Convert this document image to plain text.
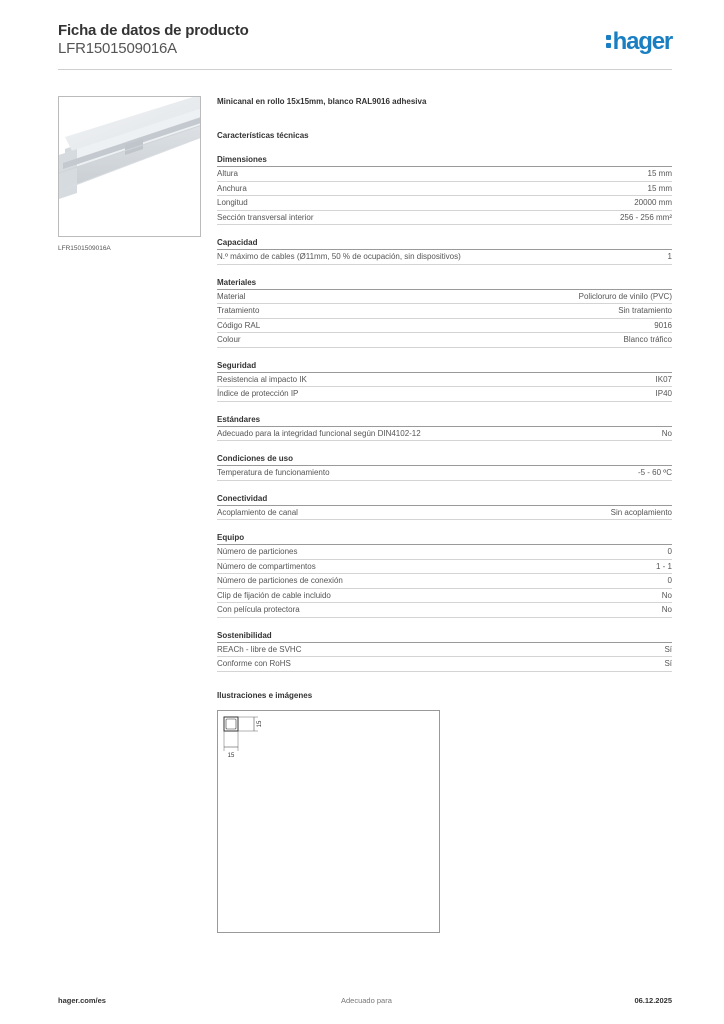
Ficha de datos de producto
LFR1501509016A	hager
LFR1501509016A
Minicanal en rollo 15x15mm, blanco RAL9016 adhesiva
Características técnicas
Dimensiones
Altura	15 mm
Anchura	15 mm
Longitud	20000 mm
Sección transversal interior	256 - 256 mm²
Capacidad
N.º máximo de cables (Ø11mm, 50 % de ocupación, sin dispositivos)	1
Materiales
Material	Policloruro de vinilo (PVC)
Tratamiento	Sin tratamiento
Código RAL	9016
Colour	Blanco tráfico
Seguridad
Resistencia al impacto IK	IK07
Índice de protección IP	IP40
Estándares
Adecuado para la integridad funcional según DIN4102-12	No
Condiciones de uso
Temperatura de funcionamiento	-5 - 60 ºC
Conectividad
Acoplamiento de canal	Sin acoplamiento
Equipo
Número de particiones	0
Número de compartimentos	1 - 1
Número de particiones de conexión	0
Clip de fijación de cable incluido	No
Con película protectora	No
Sostenibilidad
REACh - libre de SVHC	Sí
Conforme con RoHS	Sí
Ilustraciones e imágenes
15
15
hager.com/es	Adecuado para	06.12.2025
